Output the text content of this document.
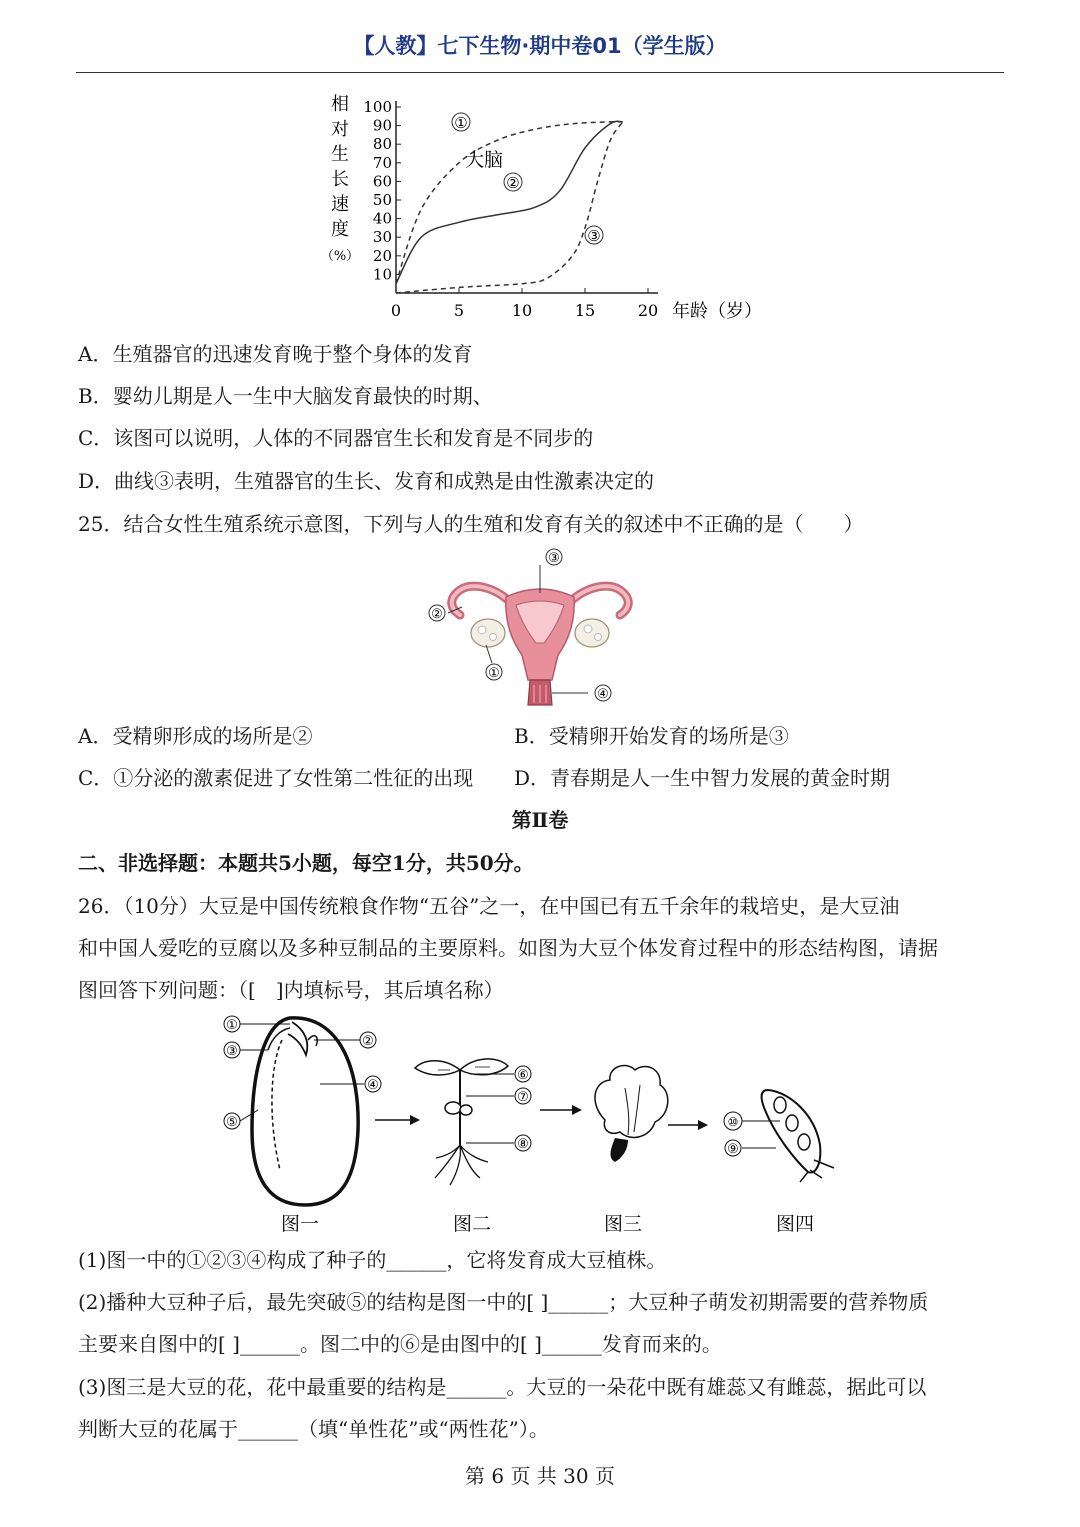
【人教】七下生物·期中卷01（学生版）
相
对
生
长
速
度
（%）
10
20
30
40
50
60
70
80
90
100
0	5	10	15	20 年龄（岁）
①
大脑
②
③
A．生殖器官的迅速发育晚于整个身体的发育
B．婴幼儿期是人一生中大脑发育最快的时期、
C．该图可以说明，人体的不同器官生长和发育是不同步的
D．曲线③表明，生殖器官的生长、发育和成熟是由性激素决定的
25．结合女性生殖系统示意图，下列与人的生殖和发育有关的叙述中不正确的是（　　）
③
②
①
④
A．受精卵形成的场所是②	B．受精卵开始发育的场所是③
C．①分泌的激素促进了女性第二性征的出现 D．青春期是人一生中智力发展的黄金时期
第Ⅱ卷
二、非选择题：本题共5小题，每空1分，共50分。
26．（10分）大豆是中国传统粮食作物“五谷”之一，在中国已有五千余年的栽培史，是大豆油
和中国人爱吃的豆腐以及多种豆制品的主要原料。如图为大豆个体发育过程中的形态结构图，请据
图回答下列问题：（[　]内填标号，其后填名称）
①
②
③
④
⑤
⑥
⑦
⑧
⑩
⑨
图一	图二	图三	图四
(1)图一中的①②③④构成了种子的______，它将发育成大豆植株。
(2)播种大豆种子后，最先突破⑤的结构是图一中的[ ]______；大豆种子萌发初期需要的营养物质
主要来自图中的[ ]______。图二中的⑥是由图中的[ ]______发育而来的。
(3)图三是大豆的花，花中最重要的结构是______。大豆的一朵花中既有雄蕊又有雌蕊，据此可以
判断大豆的花属于______（填“单性花”或“两性花”）。
第 6 页 共 30 页
